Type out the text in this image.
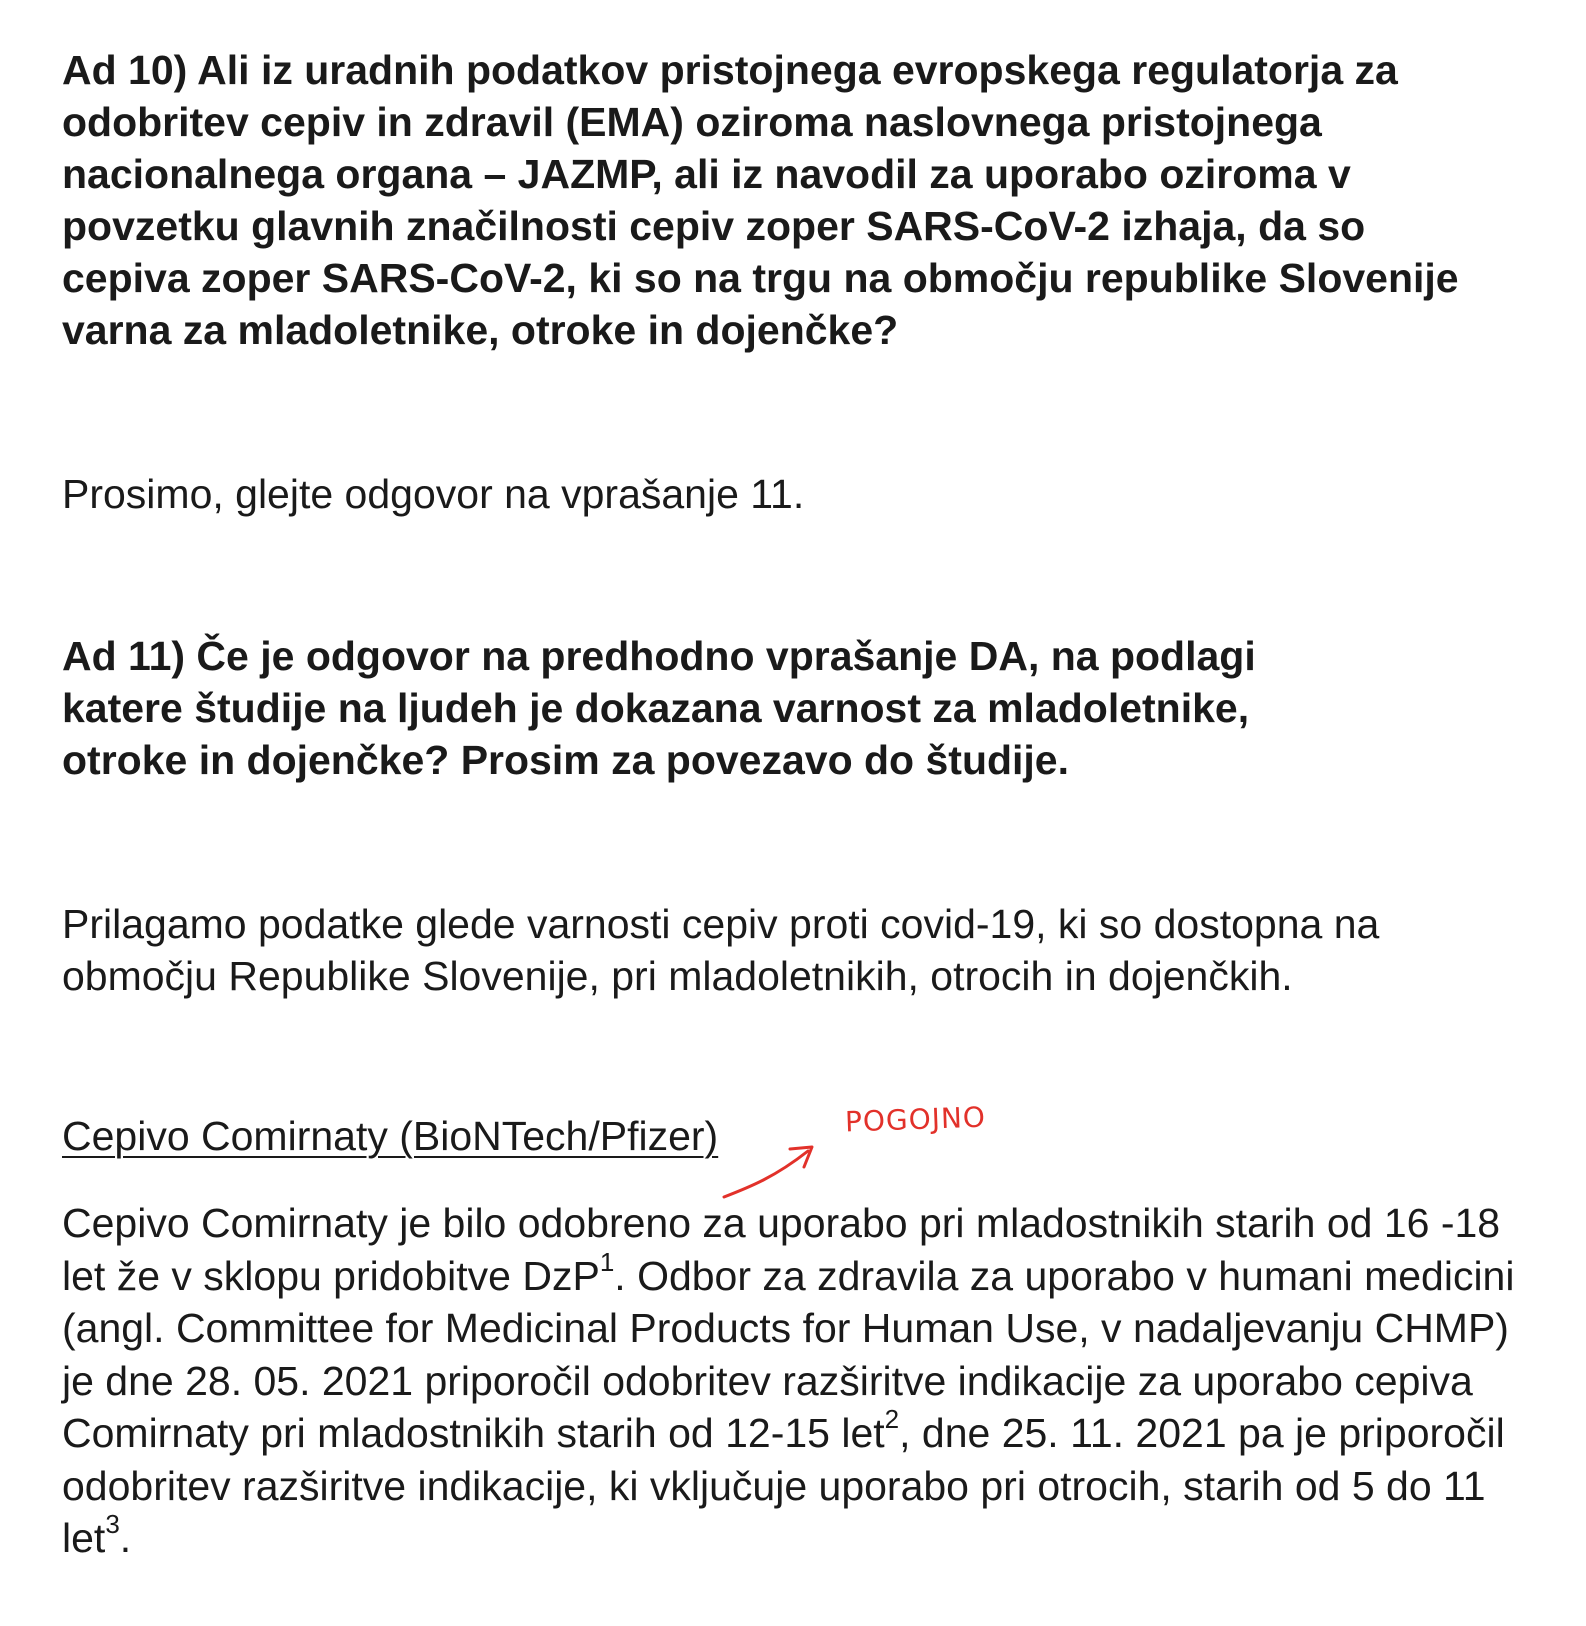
Ad 10) Ali iz uradnih podatkov pristojnega evropskega regulatorja za odobritev cepiv in zdravil (EMA) oziroma naslovnega pristojnega nacionalnega organa – JAZMP, ali iz navodil za uporabo oziroma v povzetku glavnih značilnosti cepiv zoper SARS-CoV-2 izhaja, da so cepiva zoper SARS-CoV-2, ki so na trgu na območju republike Slovenije varna za mladoletnike, otroke in dojenčke?

Prosimo, glejte odgovor na vprašanje 11.

Ad 11) Če je odgovor na predhodno vprašanje DA, na podlagi katere študije na ljudeh je dokazana varnost za mladoletnike, otroke in dojenčke? Prosim za povezavo do študije.

Prilagamo podatke glede varnosti cepiv proti covid-19, ki so dostopna na območju Republike Slovenije, pri mladoletnikih, otrocih in dojenčkih.

Cepivo Comirnaty (BioNTech/Pfizer)

Cepivo Comirnaty je bilo odobreno za uporabo pri mladostnikih starih od 16 -18 let že v sklopu pridobitve DzP$^1$. Odbor za zdravila za uporabo v humani medicini (angl. Committee for Medicinal Products for Human Use, v nadaljevanju CHMP) je dne 28. 05. 2021 priporočil odobritev razširitve indikacije za uporabo cepiva Comirnaty pri mladostnikih starih od 12-15 let$^2$, dne 25. 11. 2021 pa je priporočil odobritev razširitve indikacije, ki vključuje uporabo pri otrocih, starih od 5 do 11 let$^3$.

POGOJNO
